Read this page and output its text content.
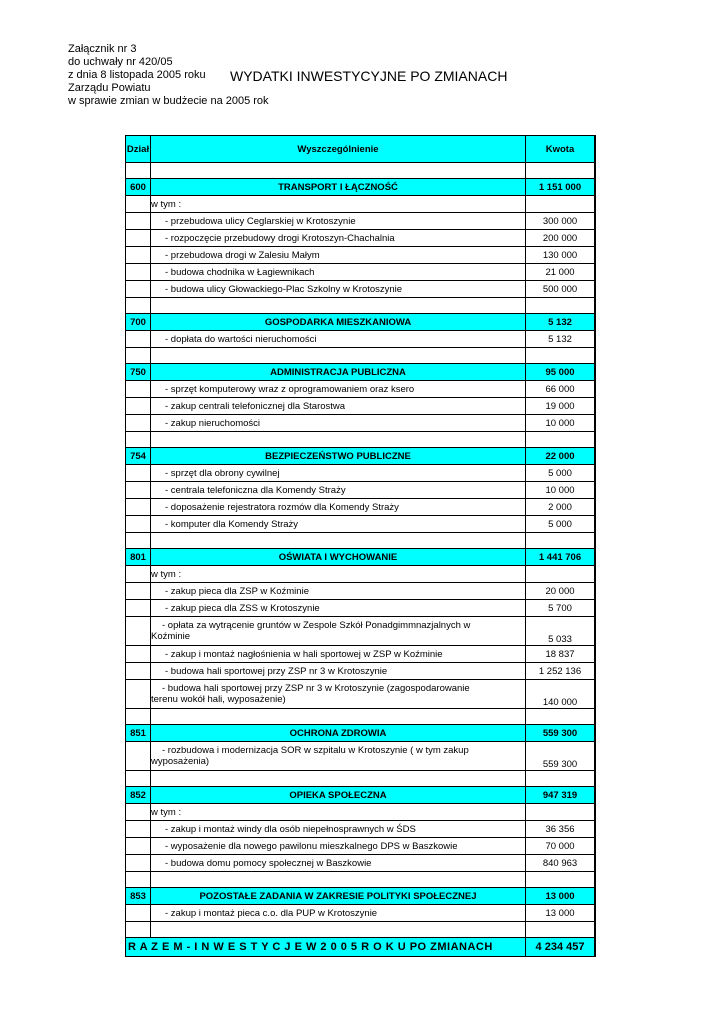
Załącznik nr 3
do uchwały nr 420/05
z dnia 8 listopada 2005 roku
Zarządu Powiatu
w sprawie zmian w budżecie na 2005 rok
WYDATKI INWESTYCYJNE PO ZMIANACH
Dział	Wyszczególnienie	Kwota

600	TRANSPORT I ŁĄCZNOŚĆ	1 151 000
	w tym :	
	- przebudowa ulicy Ceglarskiej w Krotoszynie	300 000
	- rozpoczęcie przebudowy drogi Krotoszyn-Chachalnia	200 000
	- przebudowa drogi w Zalesiu Małym	130 000
	- budowa chodnika w Łagiewnikach	21 000
	- budowa ulicy Głowackiego-Plac Szkolny w Krotoszynie	500 000

700	GOSPODARKA MIESZKANIOWA	5 132
	- dopłata do wartości nieruchomości	5 132

750	ADMINISTRACJA PUBLICZNA	95 000
	- sprzęt komputerowy wraz z oprogramowaniem oraz ksero	66 000
	- zakup centrali telefonicznej dla Starostwa	19 000
	- zakup nieruchomości	10 000

754	BEZPIECZEŃSTWO PUBLICZNE	22 000
	- sprzęt dla obrony cywilnej	5 000
	- centrala telefoniczna dla Komendy Straży	10 000
	- doposażenie rejestratora rozmów dla Komendy Straży	2 000
	- komputer dla Komendy Straży	5 000

801	OŚWIATA I WYCHOWANIE	1 441 706
	w tym :	
	- zakup pieca dla ZSP w Koźminie	20 000
	- zakup pieca dla ZSS w Krotoszynie	5 700

	- opłata za wytrącenie gruntów w Zespole Szkół Ponadgimmnazjalnych w
Koźminie	5 033
	- zakup i montaż nagłośnienia w hali sportowej w ZSP w Koźminie	18 837
	- budowa hali sportowej przy ZSP nr 3 w Krotoszynie	1 252 136

	- budowa hali sportowej przy ZSP nr 3 w Krotoszynie (zagospodarowanie
terenu wokół hali, wyposażenie)	140 000

851	OCHRONA ZDROWIA	559 300

	- rozbudowa i modernizacja SOR w szpitalu w Krotoszynie ( w tym zakup
wyposażenia)	559 300

852	OPIEKA SPOŁECZNA	947 319
	w tym :	
	- zakup i montaż windy dla osób niepełnosprawnych w ŚDS	36 356
	- wyposażenie dla nowego pawilonu mieszkalnego DPS w Baszkowie	70 000
	- budowa domu pomocy społecznej w Baszkowie	840 963

853	POZOSTAŁE ZADANIA W ZAKRESIE POLITYKI SPOŁECZNEJ	13 000
	- zakup i montaż pieca c.o. dla PUP w Krotoszynie	13 000

R A Z E M - I N W E S T Y C J E W 2 0 0 5 R O K U PO ZMIANACH		4 234 457
